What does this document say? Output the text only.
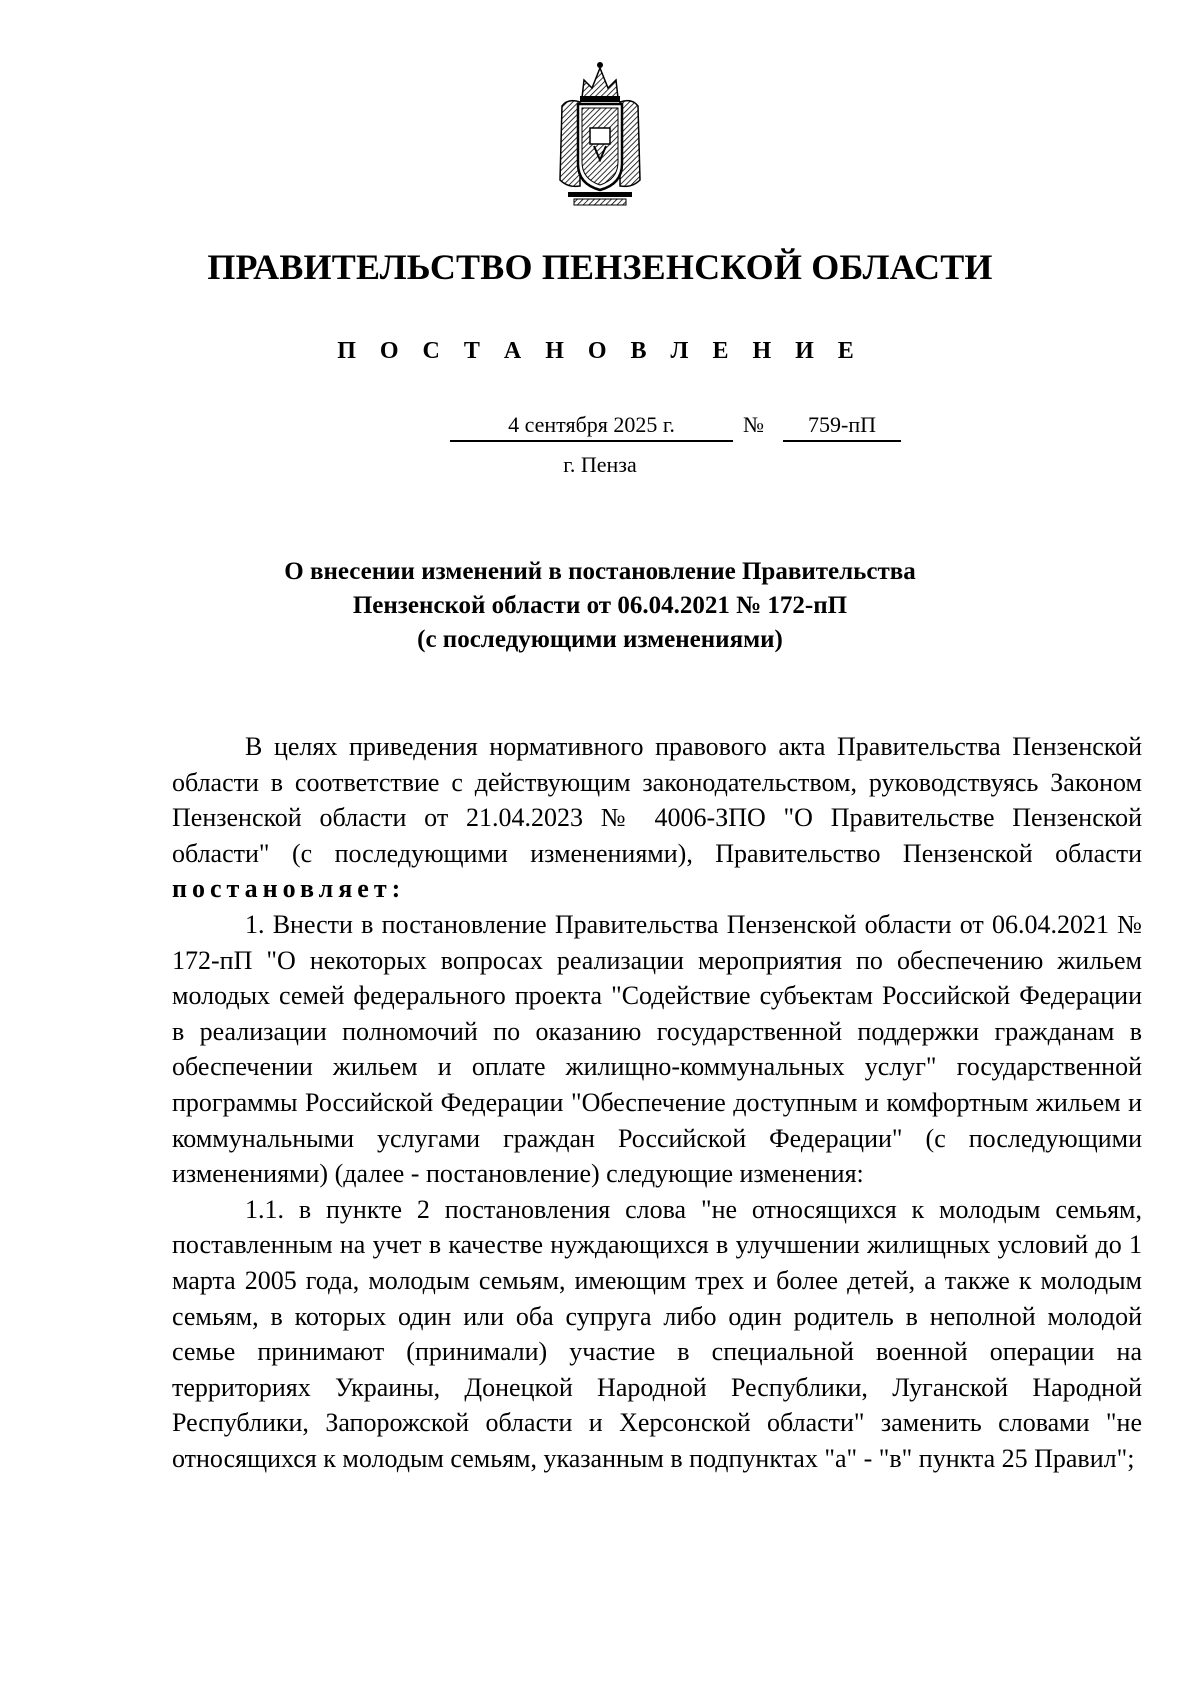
ПРАВИТЕЛЬСТВО ПЕНЗЕНСКОЙ ОБЛАСТИ
П О С Т А Н О В Л Е Н И Е
4 сентября 2025 г.	№	759-пП
г. Пенза
О внесении изменений в постановление Правительства
Пензенской области от 06.04.2021 № 172-пП
(с последующими изменениями)

В целях приведения нормативного правового акта Правительства Пензенской области в соответствие с действующим законодательством, руководствуясь Законом Пензенской области от 21.04.2023 № 4006-ЗПО "О Правительстве Пензенской области" (с последующими изменениями), Правительство Пензенской области постановляет:

1. Внести в постановление Правительства Пензенской области от 06.04.2021 № 172-пП "О некоторых вопросах реализации мероприятия по обеспечению жильем молодых семей федерального проекта "Содействие субъектам Российской Федерации в реализации полномочий по оказанию государственной поддержки гражданам в обеспечении жильем и оплате жилищно-коммунальных услуг" государственной программы Российской Федерации "Обеспечение доступным и комфортным жильем и коммунальными услугами граждан Российской Федерации" (с последующими изменениями) (далее - постановление) следующие изменения:

1.1. в пункте 2 постановления слова "не относящихся к молодым семьям, поставленным на учет в качестве нуждающихся в улучшении жилищных условий до 1 марта 2005 года, молодым семьям, имеющим трех и более детей, а также к молодым семьям, в которых один или оба супруга либо один родитель в неполной молодой семье принимают (принимали) участие в специальной военной операции на территориях Украины, Донецкой Народной Республики, Луганской Народной Республики, Запорожской области и Херсонской области" заменить словами "не относящихся к молодым семьям, указанным в подпунктах "а" - "в" пункта 25 Правил";
